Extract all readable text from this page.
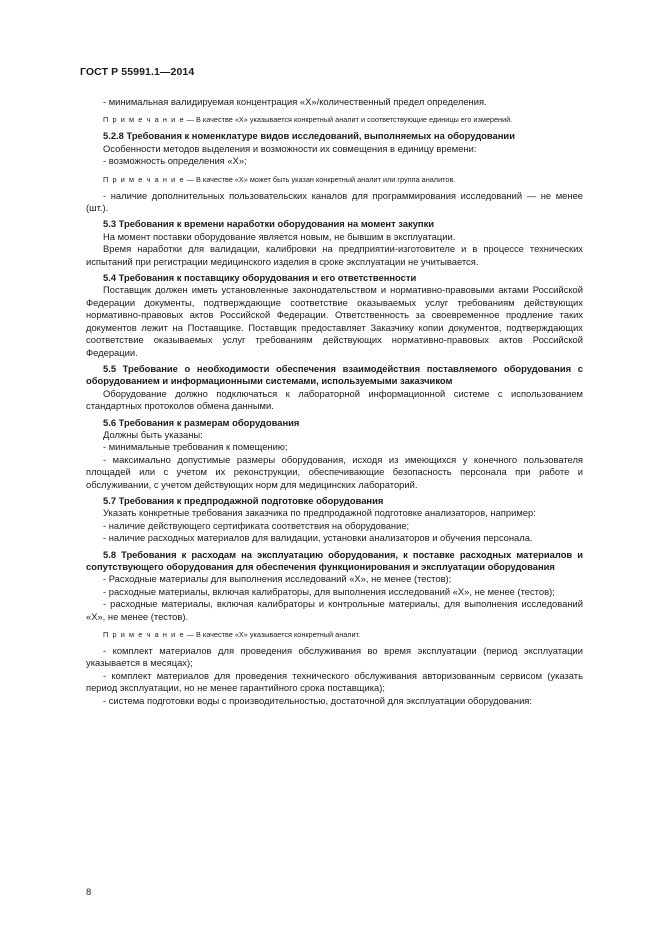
ГОСТ Р 55991.1—2014

- минимальная валидируемая концентрация «X»/количественный предел определения.

П р и м е ч а н и е — В качестве «X» указывается конкретный аналит и соответствующие единицы его измерений.

5.2.8 Требования к номенклатуре видов исследований, выполняемых на оборудовании

Особенности методов выделения и возможности их совмещения в единицу времени:

- возможность определения «X»;

П р и м е ч а н и е — В качестве «X» может быть указан конкретный аналит или группа аналитов.

- наличие дополнительных пользовательских каналов для программирования исследований — не менее (шт.).

5.3 Требования к времени наработки оборудования на момент закупки

На момент поставки оборудование является новым, не бывшим в эксплуатации.

Время наработки для валидации, калибровки на предприятии-изготовителе и в процессе технических испытаний при регистрации медицинского изделия в сроке эксплуатации не учитывается.

5.4 Требования к поставщику оборудования и его ответственности

Поставщик должен иметь установленные законодательством и нормативно-правовыми актами Российской Федерации документы, подтверждающие соответствие оказываемых услуг требованиям действующих нормативно-правовых актов Российской Федерации. Ответственность за своевременное продление таких документов лежит на Поставщике. Поставщик предоставляет Заказчику копии документов, подтверждающих соответствие оказываемых услуг требованиям действующих нормативно-правовых актов Российской Федерации.

5.5 Требование о необходимости обеспечения взаимодействия поставляемого оборудования с оборудованием и информационными системами, используемыми заказчиком

Оборудование должно подключаться к лабораторной информационной системе с использованием стандартных протоколов обмена данными.

5.6 Требования к размерам оборудования

Должны быть указаны:

- минимальные требования к помещению;

- максимально допустимые размеры оборудования, исходя из имеющихся у конечного пользователя площадей или с учетом их реконструкции, обеспечивающие безопасность персонала при работе и обслуживании, с учетом действующих норм для медицинских лабораторий.

5.7 Требования к предпродажной подготовке оборудования

Указать конкретные требования заказчика по предпродажной подготовке анализаторов, например:

- наличие действующего сертификата соответствия на оборудование;

- наличие расходных материалов для валидации, установки анализаторов и обучения персонала.

5.8 Требования к расходам на эксплуатацию оборудования, к поставке расходных материалов и сопутствующего оборудования для обеспечения функционирования и эксплуатации оборудования

- Расходные материалы для выполнения исследований «X», не менее (тестов);

- расходные материалы, включая калибраторы, для выполнения исследований «X», не менее (тестов);

- расходные материалы, включая калибраторы и контрольные материалы, для выполнения исследований «X», не менее (тестов).

П р и м е ч а н и е — В качестве «X» указывается конкретный аналит.

- комплект материалов для проведения обслуживания во время эксплуатации (период эксплуатации указывается в месяцах);

- комплект материалов для проведения технического обслуживания авторизованным сервисом (указать период эксплуатации, но не менее гарантийного срока поставщика);

- система подготовки воды с производительностью, достаточной для эксплуатации оборудования:

8
